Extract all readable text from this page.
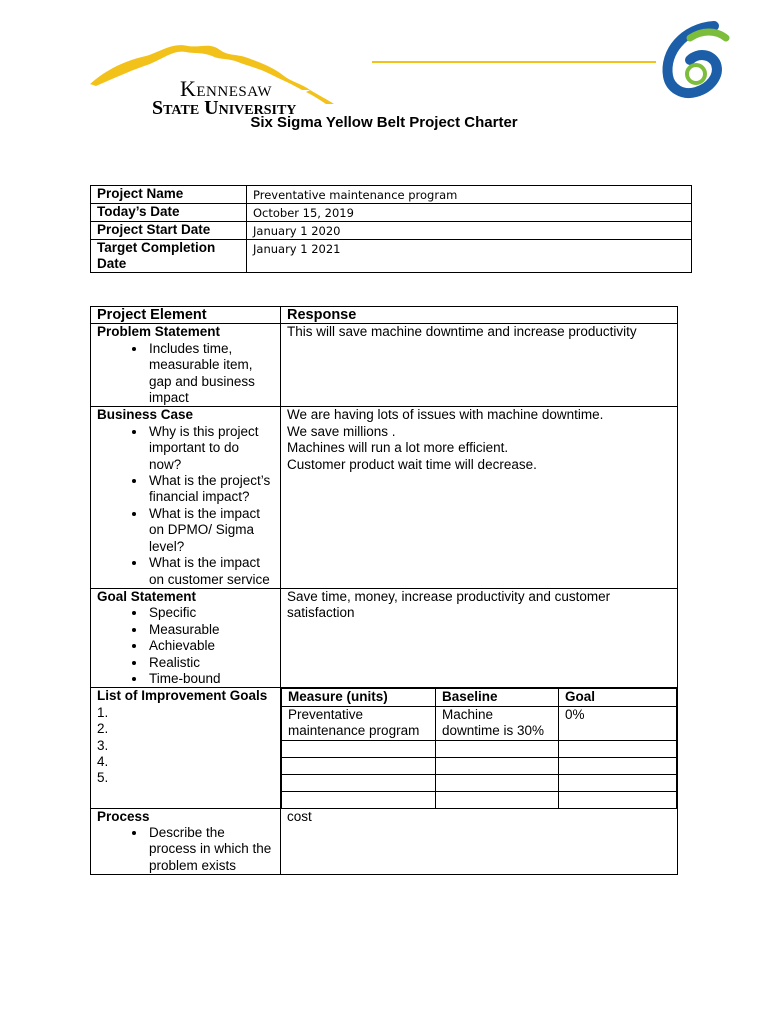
Kennesaw
State University
Six Sigma Yellow Belt Project Charter
Project Name	Preventative maintenance program
Today’s Date	October 15, 2019
Project Start Date	January 1 2020
Target Completion Date	January 1 2021
Project Element	Response

Problem Statement
• Includes time, measurable item, gap and business impact
	This will save machine downtime and increase productivity

Business Case
• Why is this project important to do now?
• What is the project’s financial impact?
• What is the impact on DPMO/ Sigma level?
• What is the impact on customer service

We are having lots of issues with machine downtime.
We save millions .
Machines will run a lot more efficient.
Customer product wait time will decrease.

Goal Statement
• Specific
• Measurable
• Achievable
• Realistic
• Time-bound
	Save time, money, increase productivity and customer satisfaction

List of Improvement Goals
1.
2.
3.
4.
5.

Measure (units)	Baseline	Goal
Preventative maintenance program	Machine downtime is 30%	0%

Process
• Describe the process in which the problem exists
	cost
